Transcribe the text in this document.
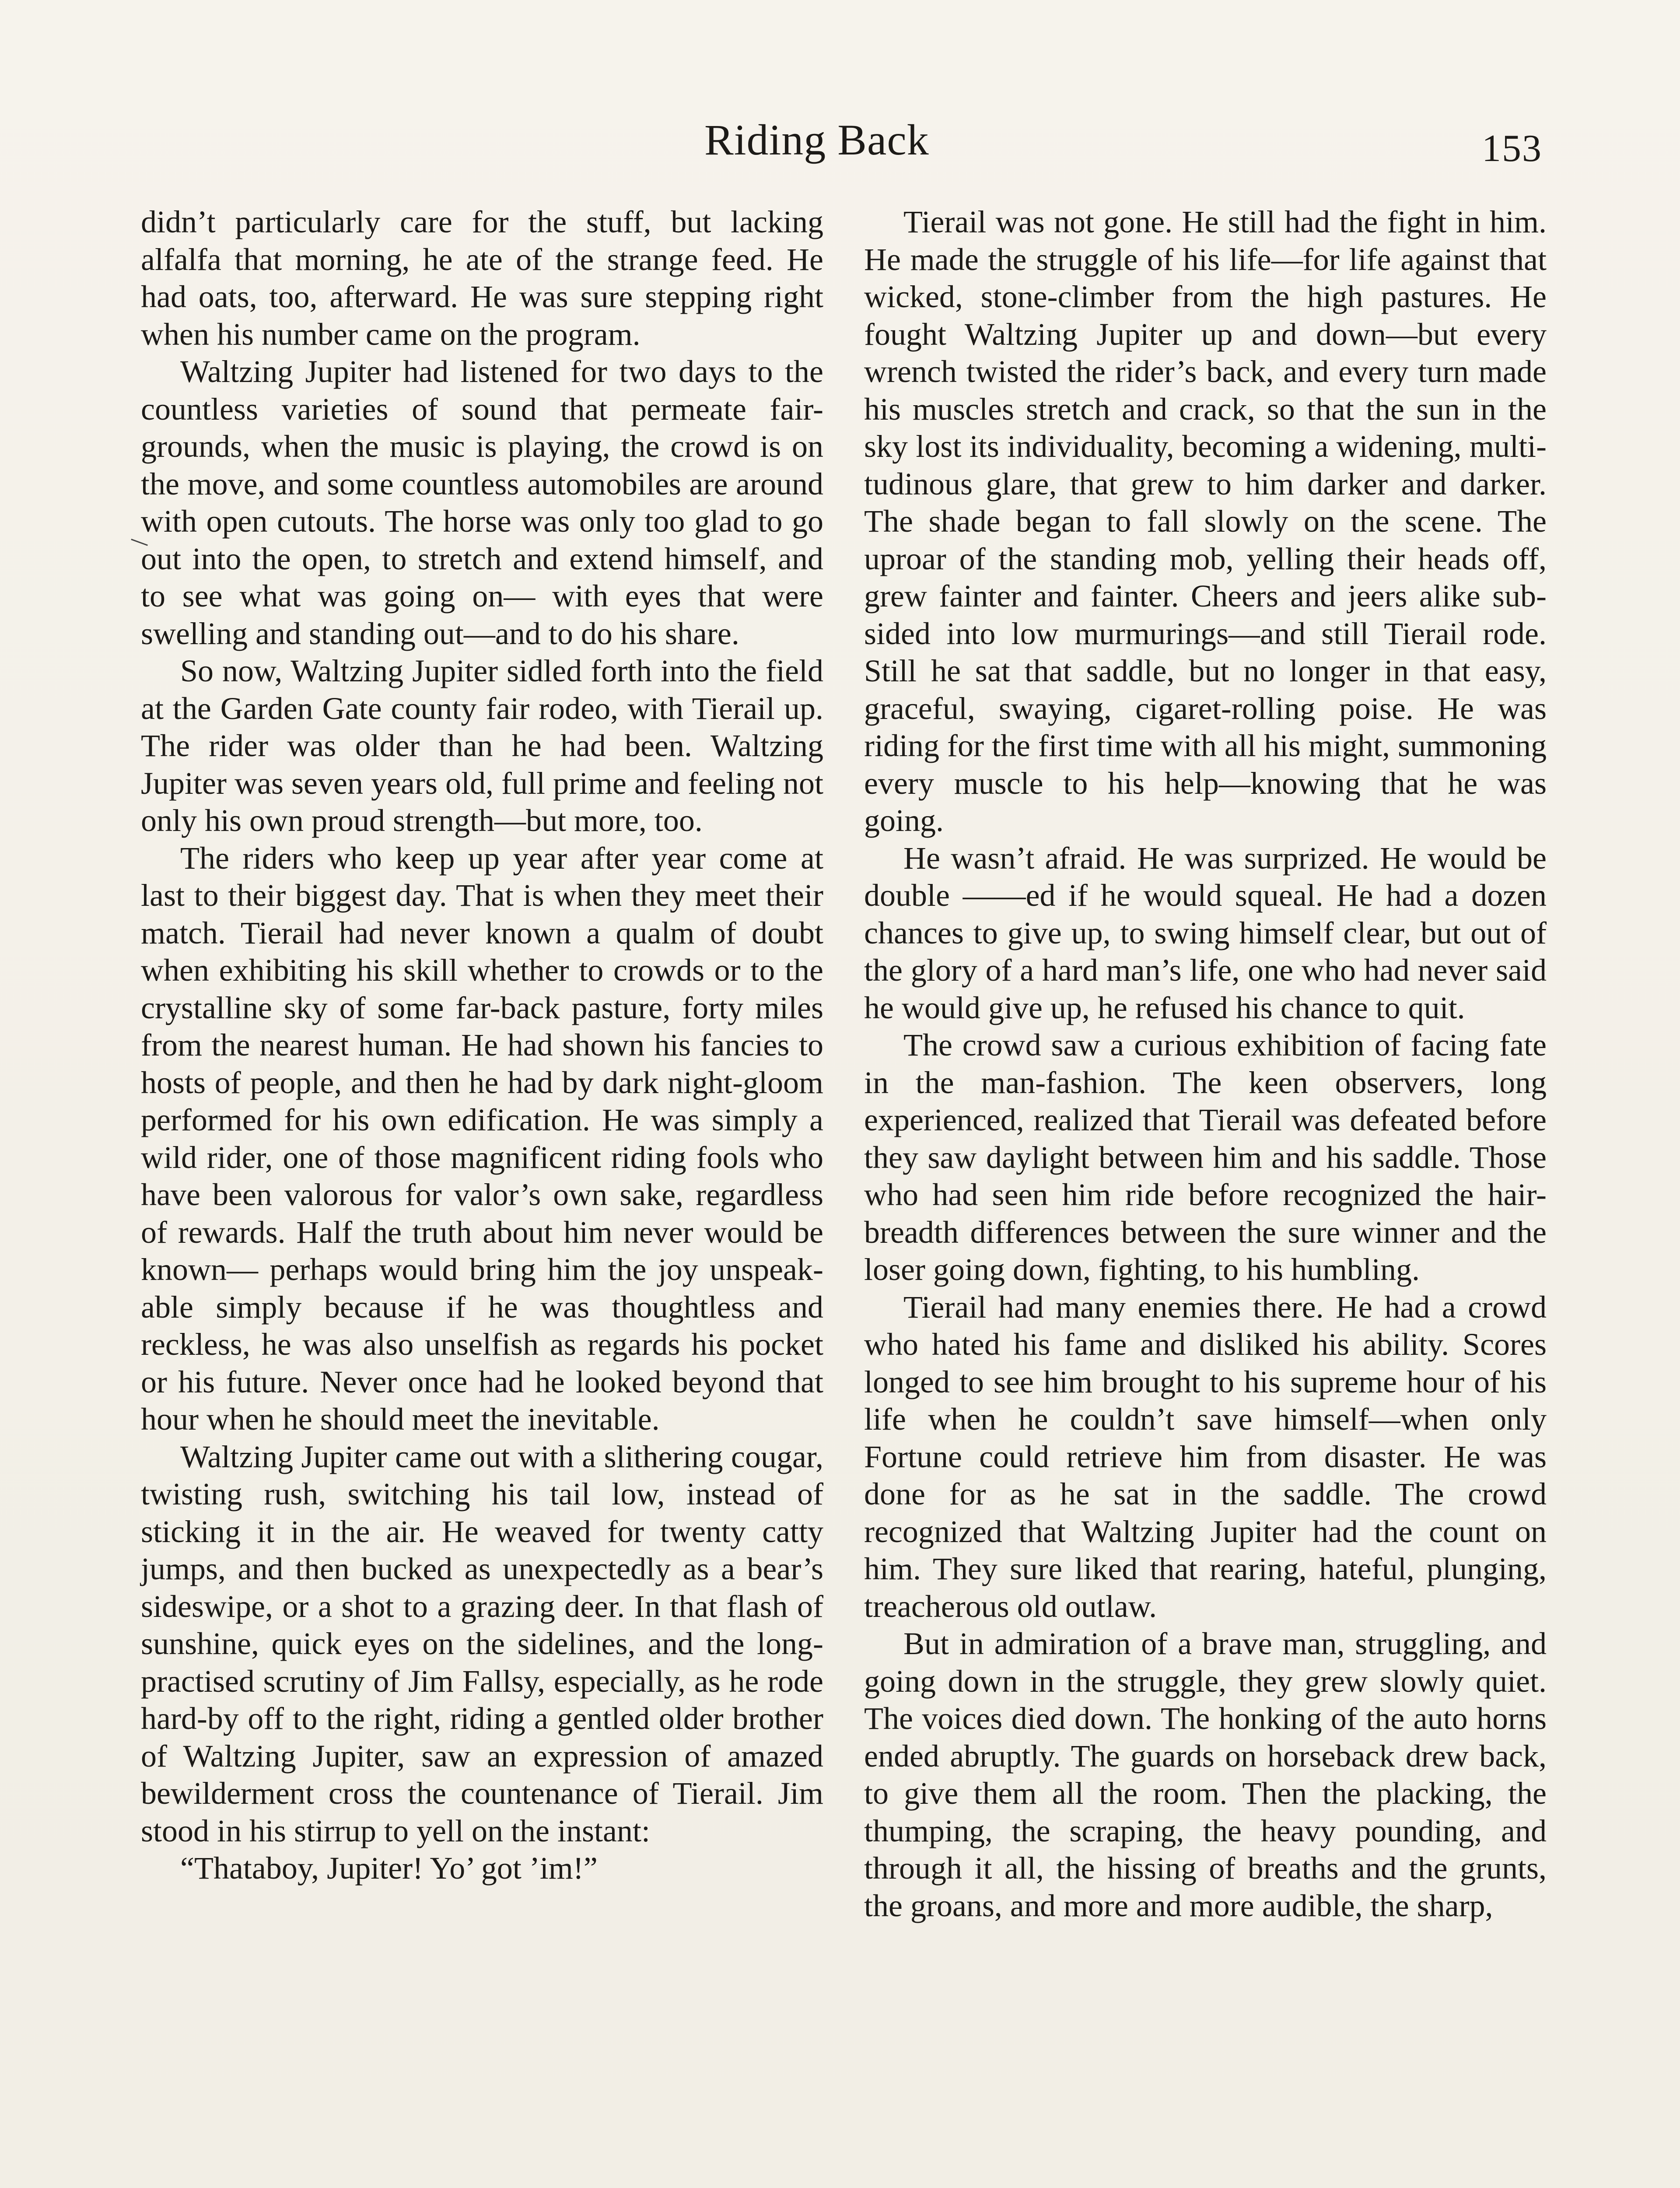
Riding Back	153

didn’t particularly care for the stuff, but lacking alfalfa that morning, he ate of the strange feed. He had oats, too, afterward. He was sure stepping right when his number came on the program.

Waltzing Jupiter had listened for two days to the countless varieties of sound that permeate fair-grounds, when the music is playing, the crowd is on the move, and some countless automobiles are around with open cutouts. The horse was only too glad to go out into the open, to stretch and extend himself, and to see what was going on— with eyes that were swelling and standing out—and to do his share.

So now, Waltzing Jupiter sidled forth into the field at the Garden Gate county fair rodeo, with Tierail up. The rider was older than he had been. Waltzing Jupiter was seven years old, full prime and feeling not only his own proud strength—but more, too.

The riders who keep up year after year come at last to their biggest day. That is when they meet their match. Tierail had never known a qualm of doubt when exhibiting his skill whether to crowds or to the crystalline sky of some far-back pasture, forty miles from the nearest human. He had shown his fancies to hosts of people, and then he had by dark night-gloom performed for his own edification. He was simply a wild rider, one of those magnificent riding fools who have been valorous for valor’s own sake, regardless of rewards. Half the truth about him never would be known— perhaps would bring him the joy unspeakable simply because if he was thoughtless and reckless, he was also unselfish as regards his pocket or his future. Never once had he looked beyond that hour when he should meet the inevitable.

Waltzing Jupiter came out with a slithering cougar, twisting rush, switching his tail low, instead of sticking it in the air. He weaved for twenty catty jumps, and then bucked as unexpectedly as a bear’s sideswipe, or a shot to a grazing deer. In that flash of sunshine, quick eyes on the sidelines, and the long-practised scrutiny of Jim Fallsy, especially, as he rode hard-by off to the right, riding a gentled older brother of Waltzing Jupiter, saw an expression of amazed bewilderment cross the countenance of Tierail. Jim stood in his stirrup to yell on the instant:

“Thataboy, Jupiter! Yo’ got ’im!”

Tierail was not gone. He still had the fight in him. He made the struggle of his life—for life against that wicked, stone-climber from the high pastures. He fought Waltzing Jupiter up and down—but every wrench twisted the rider’s back, and every turn made his muscles stretch and crack, so that the sun in the sky lost its individuality, becoming a widening, multitudinous glare, that grew to him darker and darker. The shade began to fall slowly on the scene. The uproar of the standing mob, yelling their heads off, grew fainter and fainter. Cheers and jeers alike subsided into low murmurings—and still Tierail rode. Still he sat that saddle, but no longer in that easy, graceful, swaying, cigaret-rolling poise. He was riding for the first time with all his might, summoning every muscle to his help—knowing that he was going.

He wasn’t afraid. He was surprized. He would be double ——ed if he would squeal. He had a dozen chances to give up, to swing himself clear, but out of the glory of a hard man’s life, one who had never said he would give up, he refused his chance to quit.

The crowd saw a curious exhibition of facing fate in the man-fashion. The keen observers, long experienced, realized that Tierail was defeated before they saw daylight between him and his saddle. Those who had seen him ride before recognized the hair-breadth differences between the sure winner and the loser going down, fighting, to his humbling.

Tierail had many enemies there. He had a crowd who hated his fame and disliked his ability. Scores longed to see him brought to his supreme hour of his life when he couldn’t save himself—when only Fortune could retrieve him from disaster. He was done for as he sat in the saddle. The crowd recognized that Waltzing Jupiter had the count on him. They sure liked that rearing, hateful, plunging, treacherous old outlaw.

But in admiration of a brave man, struggling, and going down in the struggle, they grew slowly quiet. The voices died down. The honking of the auto horns ended abruptly. The guards on horseback drew back, to give them all the room. Then the placking, the thumping, the scraping, the heavy pounding, and through it all, the hissing of breaths and the grunts, the groans, and more and more audible, the sharp,
